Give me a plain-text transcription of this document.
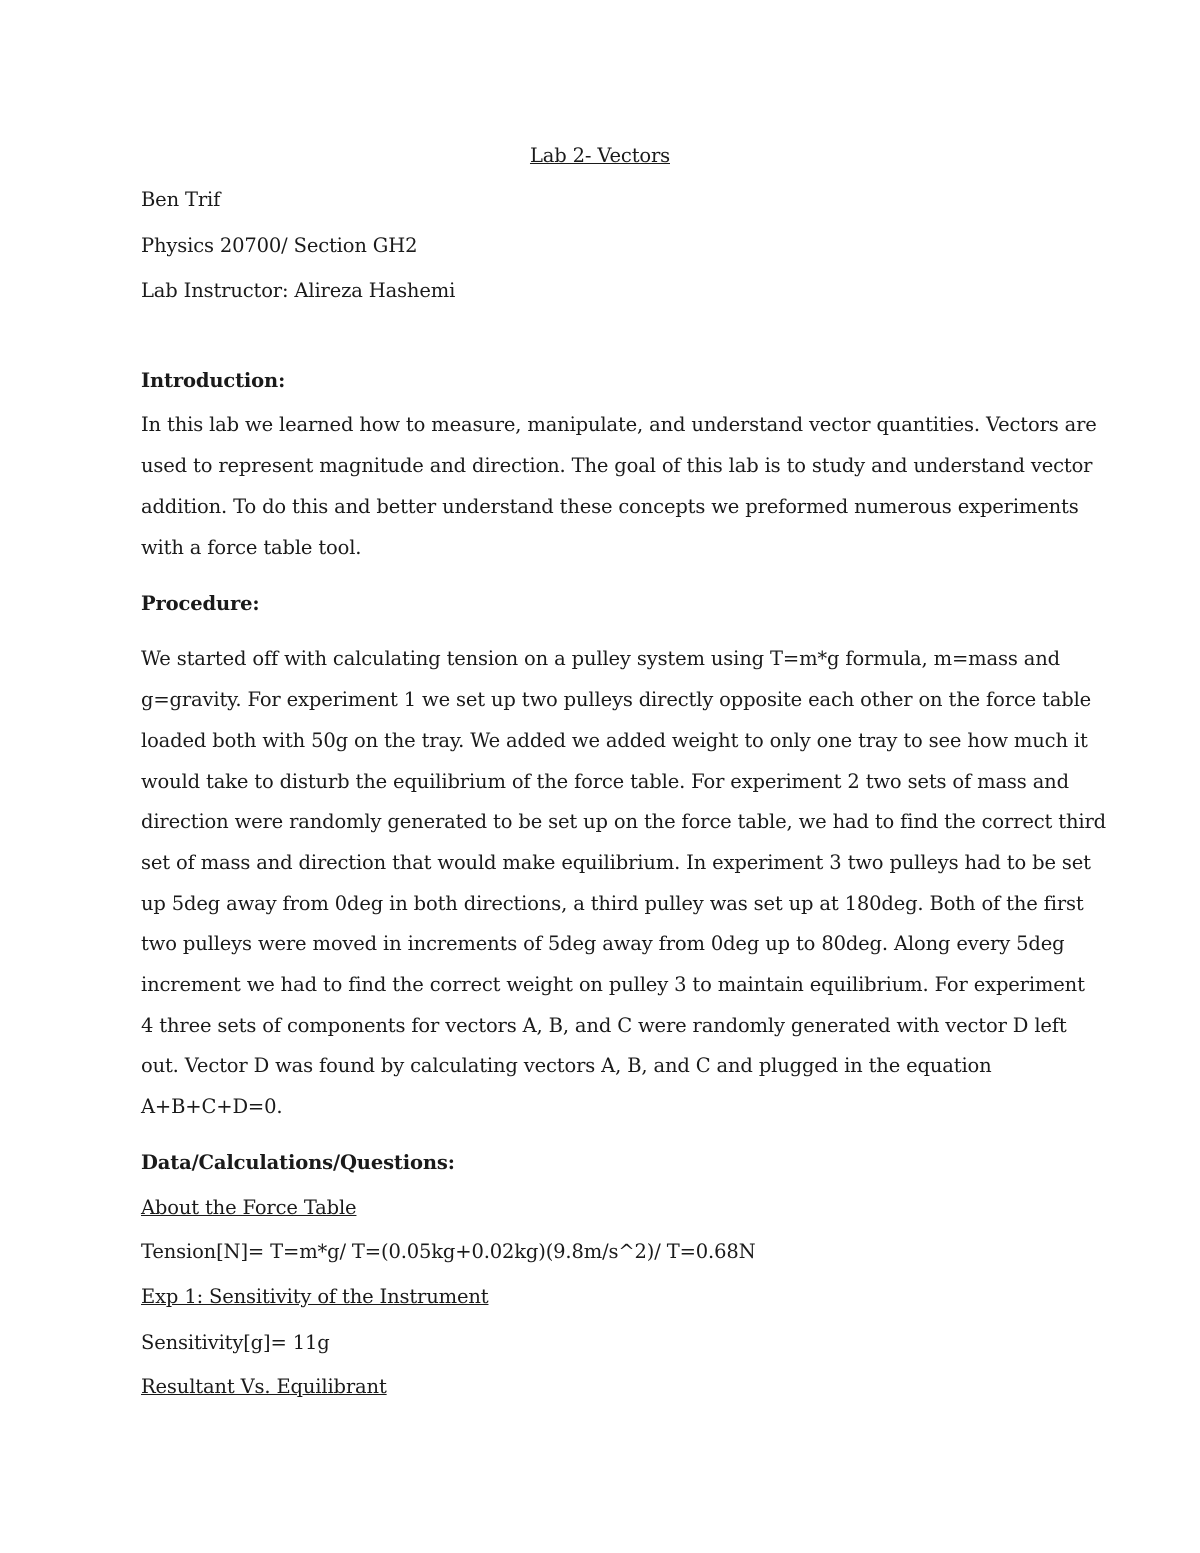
Lab 2- Vectors
Ben Trif
Physics 20700/ Section GH2
Lab Instructor: Alireza Hashemi
Introduction:
In this lab we learned how to measure, manipulate, and understand vector quantities. Vectors are
used to represent magnitude and direction. The goal of this lab is to study and understand vector
addition. To do this and better understand these concepts we preformed numerous experiments
with a force table tool.
Procedure:
We started off with calculating tension on a pulley system using T=m*g formula, m=mass and
g=gravity. For experiment 1 we set up two pulleys directly opposite each other on the force table
loaded both with 50g on the tray. We added we added weight to only one tray to see how much it
would take to disturb the equilibrium of the force table. For experiment 2 two sets of mass and
direction were randomly generated to be set up on the force table, we had to find the correct third
set of mass and direction that would make equilibrium. In experiment 3 two pulleys had to be set
up 5deg away from 0deg in both directions, a third pulley was set up at 180deg. Both of the first
two pulleys were moved in increments of 5deg away from 0deg up to 80deg. Along every 5deg
increment we had to find the correct weight on pulley 3 to maintain equilibrium. For experiment
4 three sets of components for vectors A, B, and C were randomly generated with vector D left
out. Vector D was found by calculating vectors A, B, and C and plugged in the equation
A+B+C+D=0.
Data/Calculations/Questions:
About the Force Table
Tension[N]= T=m*g/ T=(0.05kg+0.02kg)(9.8m/s^2)/ T=0.68N
Exp 1: Sensitivity of the Instrument
Sensitivity[g]= 11g
Resultant Vs. Equilibrant
